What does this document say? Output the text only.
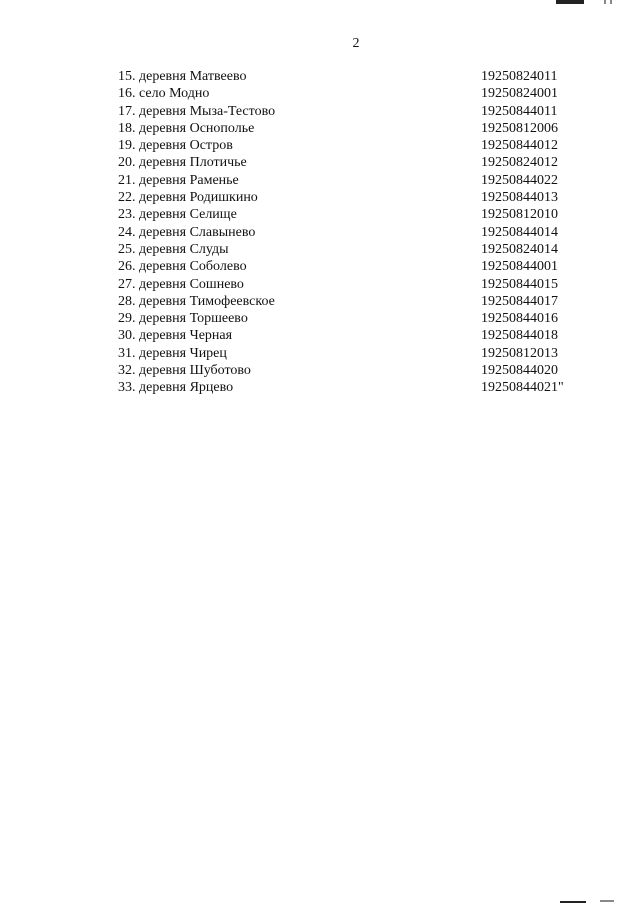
2
15. деревня Матвеево	19250824011
16. село Модно	19250824001
17. деревня Мыза-Тестово	19250844011
18. деревня Оснополье	19250812006
19. деревня Остров	19250844012
20. деревня Плотичье	19250824012
21. деревня Раменье	19250844022
22. деревня Родишкино	19250844013
23. деревня Селище	19250812010
24. деревня Славынево	19250844014
25. деревня Слуды	19250824014
26. деревня Соболево	19250844001
27. деревня Сошнево	19250844015
28. деревня Тимофеевское	19250844017
29. деревня Торшеево	19250844016
30. деревня Черная	19250844018
31. деревня Чирец	19250812013
32. деревня Шуботово	19250844020
33. деревня Ярцево	19250844021"
